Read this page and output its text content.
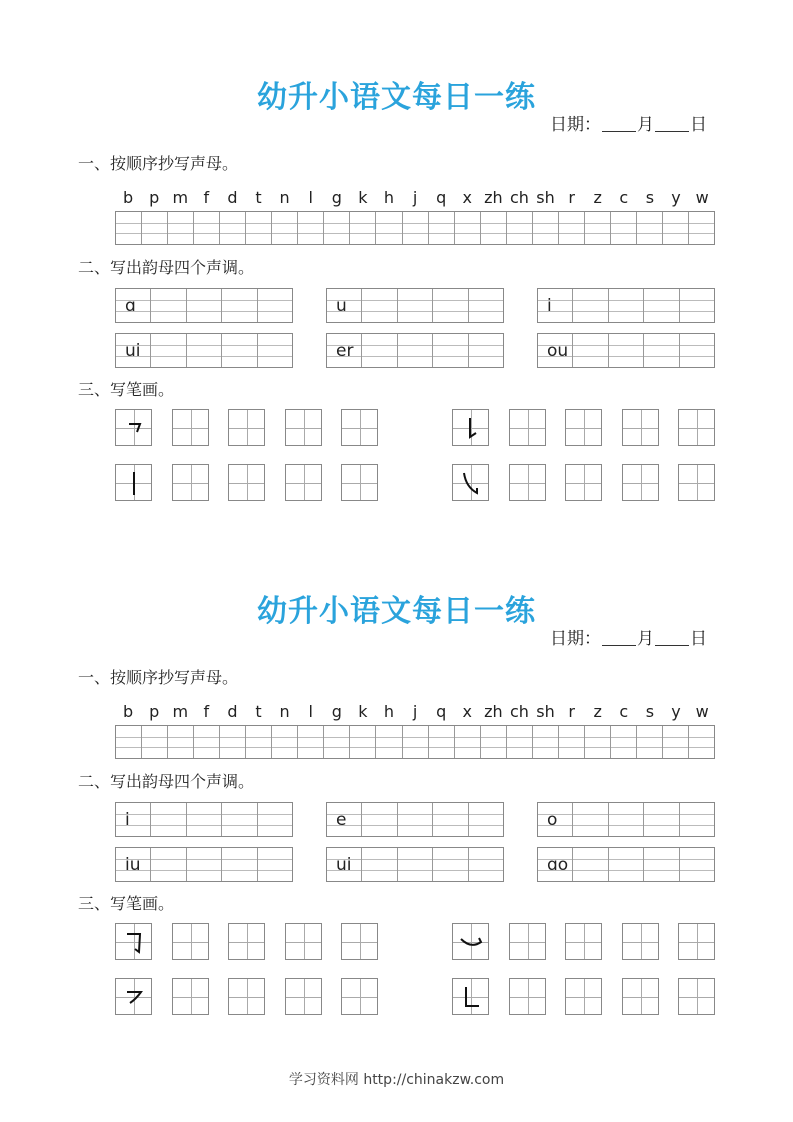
幼升小语文每日一练
日期： 月 日
一、按顺序抄写声母。
b p m f	d	t	n	l	g	k	h	j	q	x zh ch sh r	z	c	s	y w
二、写出韵母四个声调。
ɑ	u	i
ui	er	ou
三、写笔画。
幼升小语文每日一练
日期： 月 日
一、按顺序抄写声母。
b p m f	d	t	n	l	g	k	h	j	q	x zh ch sh r	z	c	s	y w
二、写出韵母四个声调。
i	e	o
iu	ui	ɑo
三、写笔画。
学习资料网 http://chinakzw.com
